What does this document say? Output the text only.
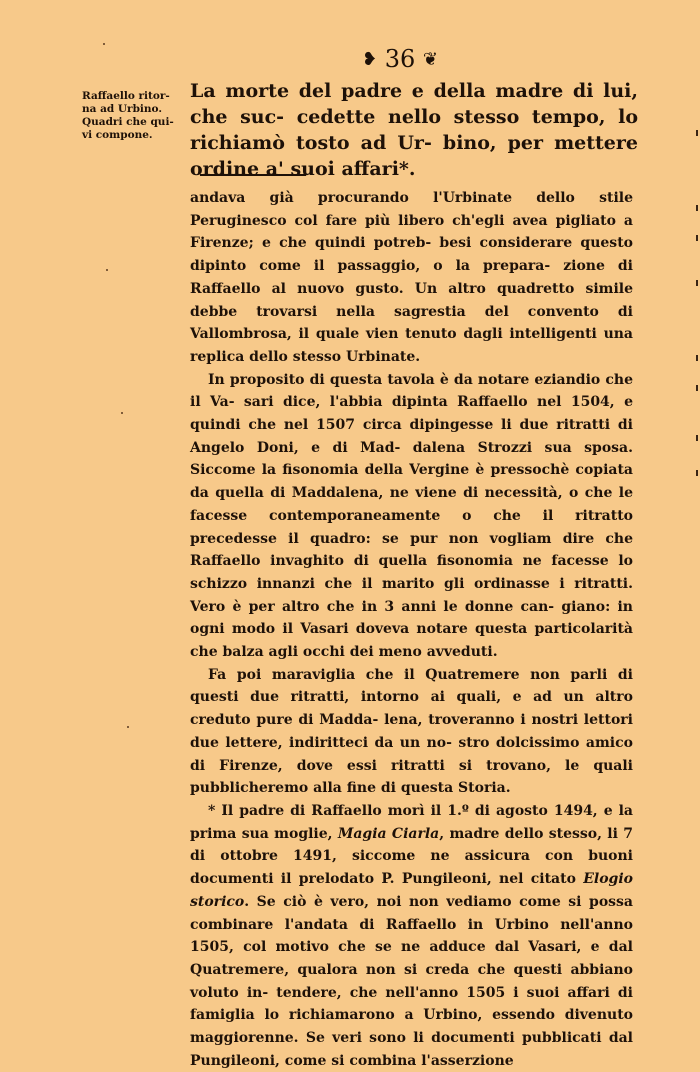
❥ 36 ❦
Raffaello ritor- na ad Urbino. Quadri che qui- vi compone.
La morte del padre e della madre di lui, che suc- cedette nello stesso tempo, lo richiamò tosto ad Ur- bino, per mettere ordine a' suoi affari*.

andava già procurando l'Urbinate dello stile Peruginesco col fare più libero ch'egli avea pigliato a Firenze; e che quindi potreb- besi considerare questo dipinto come il passaggio, o la prepara- zione di Raffaello al nuovo gusto. Un altro quadretto simile debbe trovarsi nella sagrestia del convento di Vallombrosa, il quale vien tenuto dagli intelligenti una replica dello stesso Urbinate.

In proposito di questa tavola è da notare eziandio che il Va- sari dice, l'abbia dipinta Raffaello nel 1504, e quindi che nel 1507 circa dipingesse li due ritratti di Angelo Doni, e di Mad- dalena Strozzi sua sposa. Siccome la fisonomia della Vergine è pressochè copiata da quella di Maddalena, ne viene di necessità, o che le facesse contemporaneamente o che il ritratto precedesse il quadro: se pur non vogliam dire che Raffaello invaghito di quella fisonomia ne facesse lo schizzo innanzi che il marito gli ordinasse i ritratti. Vero è per altro che in 3 anni le donne can- giano: in ogni modo il Vasari doveva notare questa particolarità che balza agli occhi dei meno avveduti.

Fa poi maraviglia che il Quatremere non parli di questi due ritratti, intorno ai quali, e ad un altro creduto pure di Madda- lena, troveranno i nostri lettori due lettere, indiritteci da un no- stro dolcissimo amico di Firenze, dove essi ritratti si trovano, le quali pubblicheremo alla fine di questa Storia.

* Il padre di Raffaello morì il 1.º di agosto 1494, e la prima sua moglie, Magia Ciarla, madre dello stesso, li 7 di ottobre 1491, siccome ne assicura con buoni documenti il prelodato P. Pungileoni, nel citato Elogio storico. Se ciò è vero, noi non vediamo come si possa combinare l'andata di Raffaello in Urbino nell'anno 1505, col motivo che se ne adduce dal Vasari, e dal Quatremere, qualora non si creda che questi abbiano voluto in- tendere, che nell'anno 1505 i suoi affari di famiglia lo richiamarono a Urbino, essendo divenuto maggiorenne. Se veri sono li documenti pubblicati dal Pungileoni, come si combina l'asserzione
